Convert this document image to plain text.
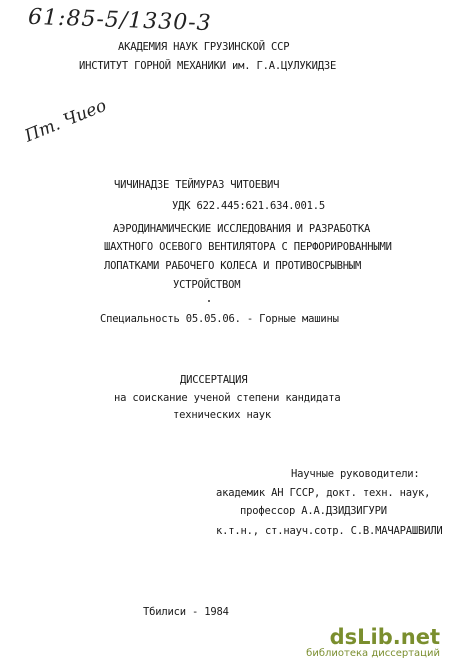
61:85-5/1330-3
Пт. Чиео
АКАДЕМИЯ НАУК ГРУЗИНСКОЙ ССР
ИНСТИТУТ ГОРНОЙ МЕХАНИКИ им. Г.А.ЦУЛУКИДЗЕ
ЧИЧИНАДЗЕ ТЕЙМУРАЗ ЧИТОЕВИЧ
УДК 622.445:621.634.001.5
АЭРОДИНАМИЧЕСКИЕ ИССЛЕДОВАНИЯ И РАЗРАБОТКА
ШАХТНОГО ОСЕВОГО ВЕНТИЛЯТОРА С ПЕРФОРИРОВАННЫМИ
ЛОПАТКАМИ РАБОЧЕГО КОЛЕСА И ПРОТИВОСРЫВНЫМ
УСТРОЙСТВОМ
Специальность 05.05.06. - Горные машины
ДИССЕРТАЦИЯ
на соискание ученой степени кандидата
технических наук
Научные руководители:
академик АН ГССР, докт. техн. наук,
профессор А.А.ДЗИДЗИГУРИ
к.т.н., ст.науч.сотр. С.В.МАЧАРАШВИЛИ
Тбилиси - 1984
dsLib.net
библиотека диссертаций
